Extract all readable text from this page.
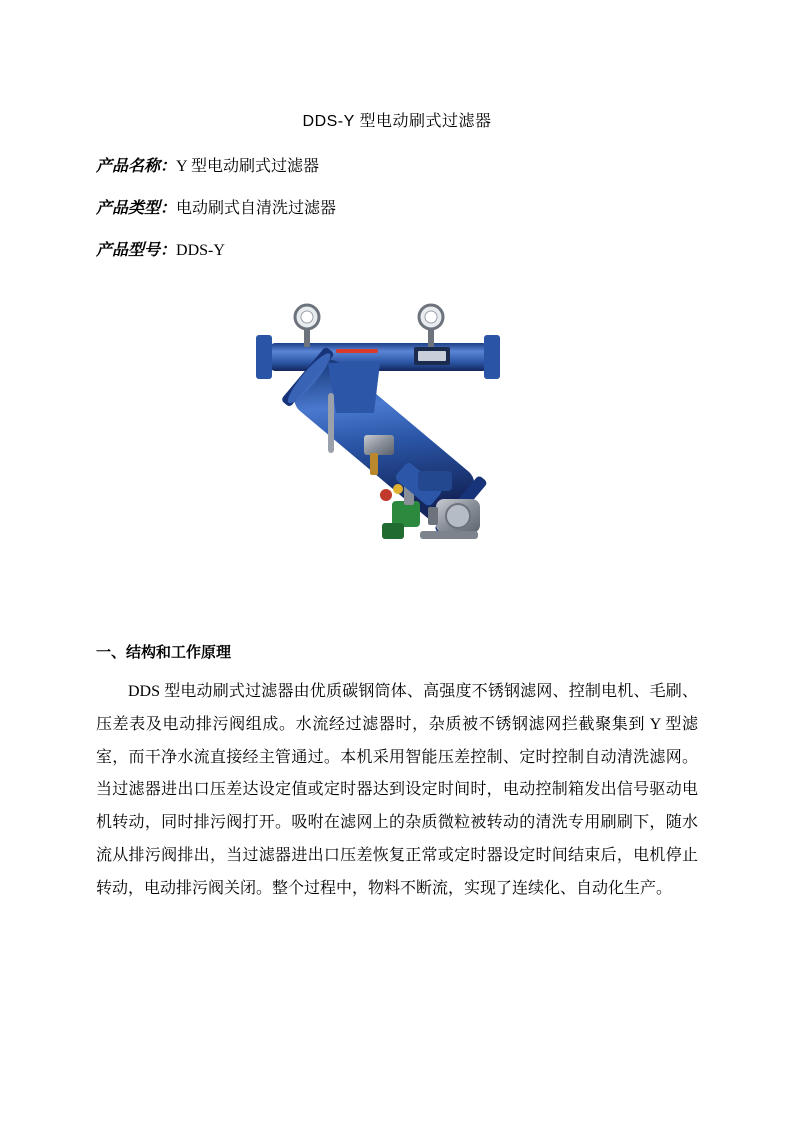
DDS-Y 型电动刷式过滤器

产品名称：Y 型电动刷式过滤器

产品类型：电动刷式自清洗过滤器

产品型号：DDS-Y

一、结构和工作原理

DDS 型电动刷式过滤器由优质碳钢筒体、高强度不锈钢滤网、控制电机、毛刷、压差表及电动排污阀组成。水流经过滤器时，杂质被不锈钢滤网拦截聚集到 Y 型滤室，而干净水流直接经主管通过。本机采用智能压差控制、定时控制自动清洗滤网。当过滤器进出口压差达设定值或定时器达到设定时间时，电动控制箱发出信号驱动电机转动，同时排污阀打开。吸咐在滤网上的杂质微粒被转动的清洗专用刷刷下，随水流从排污阀排出，当过滤器进出口压差恢复正常或定时器设定时间结束后，电机停止转动，电动排污阀关闭。整个过程中，物料不断流，实现了连续化、自动化生产。
